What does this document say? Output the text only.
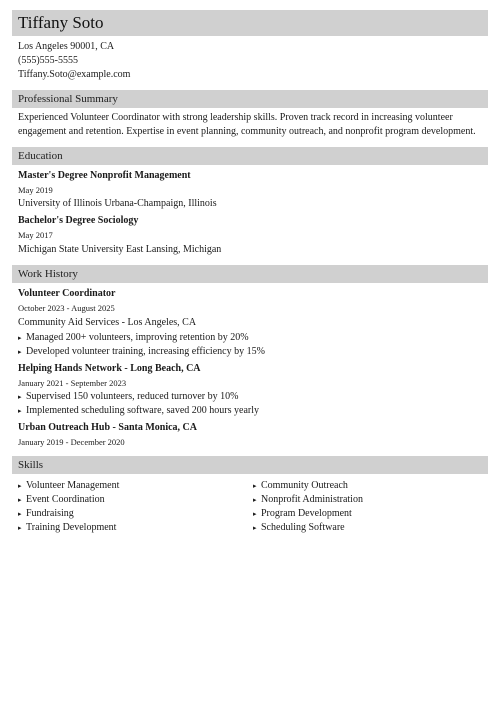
Tiffany Soto
Los Angeles 90001, CA
(555)555-5555
Tiffany.Soto@example.com
Professional Summary
Experienced Volunteer Coordinator with strong leadership skills. Proven track record in increasing volunteer engagement and retention. Expertise in event planning, community outreach, and nonprofit program development.
Education
Master's Degree Nonprofit Management
May 2019
University of Illinois Urbana-Champaign, Illinois
Bachelor's Degree Sociology
May 2017
Michigan State University East Lansing, Michigan
Work History
Volunteer Coordinator
October 2023 - August 2025
Community Aid Services - Los Angeles, CA
▸ Managed 200+ volunteers, improving retention by 20%
▸ Developed volunteer training, increasing efficiency by 15%
Helping Hands Network - Long Beach, CA
January 2021 - September 2023
▸ Supervised 150 volunteers, reduced turnover by 10%
▸ Implemented scheduling software, saved 200 hours yearly
Urban Outreach Hub - Santa Monica, CA
January 2019 - December 2020
Skills
▸ Volunteer Management
▸ Event Coordination
▸ Fundraising
▸ Training Development
▸ Community Outreach
▸ Nonprofit Administration
▸ Program Development
▸ Scheduling Software
